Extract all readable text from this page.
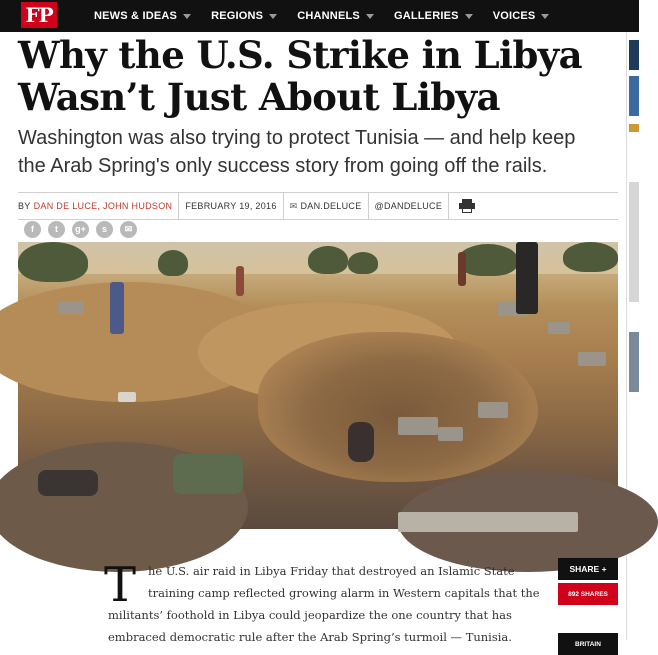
FP	NEWS & IDEAS	REGIONS	CHANNELS	GALLERIES	VOICES
Why the U.S. Strike in Libya
Wasn’t Just About Libya
Washington was also trying to protect Tunisia — and help keep
the Arab Spring's only success story from going off the rails.
BY DAN DE LUCE, JOHN HUDSON FEBRUARY 19, 2016 ✉ DAN.DELUCE @DANDELUCE
f	t	g+	s	✉
T	he U.S. air raid in Libya Friday that destroyed an Islamic State
training camp reflected growing alarm in Western capitals that the
militants’ foothold in Libya could jeopardize the one country that has
embraced democratic rule after the Arab Spring’s turmoil — Tunisia.
SHARE +
892 SHARES
BRITAIN
